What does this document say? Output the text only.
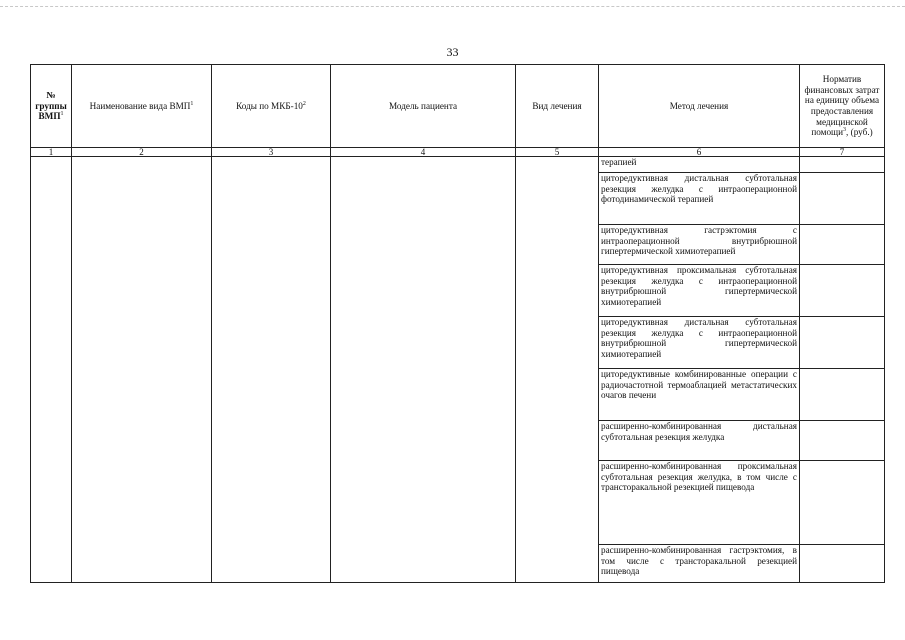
33
№ группы ВМП$^1$	Наименование вида ВМП$^1$	Коды по МКБ-$10^2$	Модель пациента	Вид лечения	Метод лечения	Норматив финансовых затрат на единицу объема предоставления медицинской помощи$^3$, (руб.)
1	2	3	4	5	6	7
					терапией	
					циторедуктивная дистальная субтотальная резекция желудка с интраоперационной фотодинамической терапией	
					циторедуктивная гастрэктомия с интраоперационной внутрибрюшной гипертермической химиотерапией	
					циторедуктивная проксимальная субтотальная резекция желудка с интраоперационной внутрибрюшной гипертермической химиотерапией	
					циторедуктивная дистальная субтотальная резекция желудка с интраоперационной внутрибрюшной гипертермической химиотерапией	
					циторедуктивные комбинированные операции с радиочастотной термоаблацией метастатических очагов печени	
					расширенно-комбинированная дистальная субтотальная резекция желудка	
					расширенно-комбинированная проксимальная субтотальная резекция желудка, в том числе с трансторакальной резекцией пищевода	
					расширенно-комбинированная гастрэктомия, в том числе с трансторакальной резекцией пищевода	
